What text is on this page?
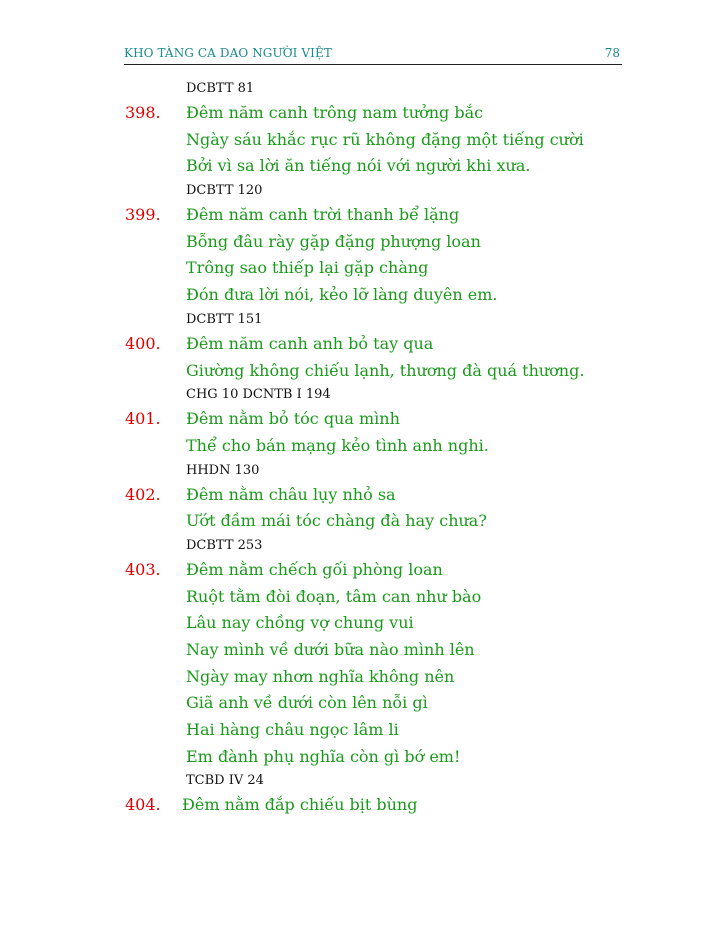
KHO TÀNG CA DAO NGƯỜI VIỆT	78
DCBTT 81
398. Đêm năm canh trông nam tưởng bắc
Ngày sáu khắc rục rũ không đặng một tiếng cười
Bởi vì sa lời ăn tiếng nói với người khi xưa.
DCBTT 120
399. Đêm năm canh trời thanh bể lặng
Bỗng đâu rày gặp đặng phượng loan
Trông sao thiếp lại gặp chàng
Đón đưa lời nói, kẻo lỡ làng duyên em.
DCBTT 151
400. Đêm năm canh anh bỏ tay qua
Giường không chiếu lạnh, thương đà quá thương.
CHG 10 DCNTB I 194
401. Đêm nằm bỏ tóc qua mình
Thể cho bán mạng kẻo tình anh nghi.
HHDN 130
402. Đêm nằm châu lụy nhỏ sa
Ướt đầm mái tóc chàng đà hay chưa?
DCBTT 253
403. Đêm nằm chếch gối phòng loan
Ruột tằm đòi đoạn, tâm can như bào
Lâu nay chồng vợ chung vui
Nay mình về dưới bữa nào mình lên
Ngày may nhơn nghĩa không nên
Giã anh về dưới còn lên nỗi gì
Hai hàng châu ngọc lâm li
Em đành phụ nghĩa còn gì bớ em!
TCBD IV 24
404. Đêm nằm đắp chiếu bịt bùng
